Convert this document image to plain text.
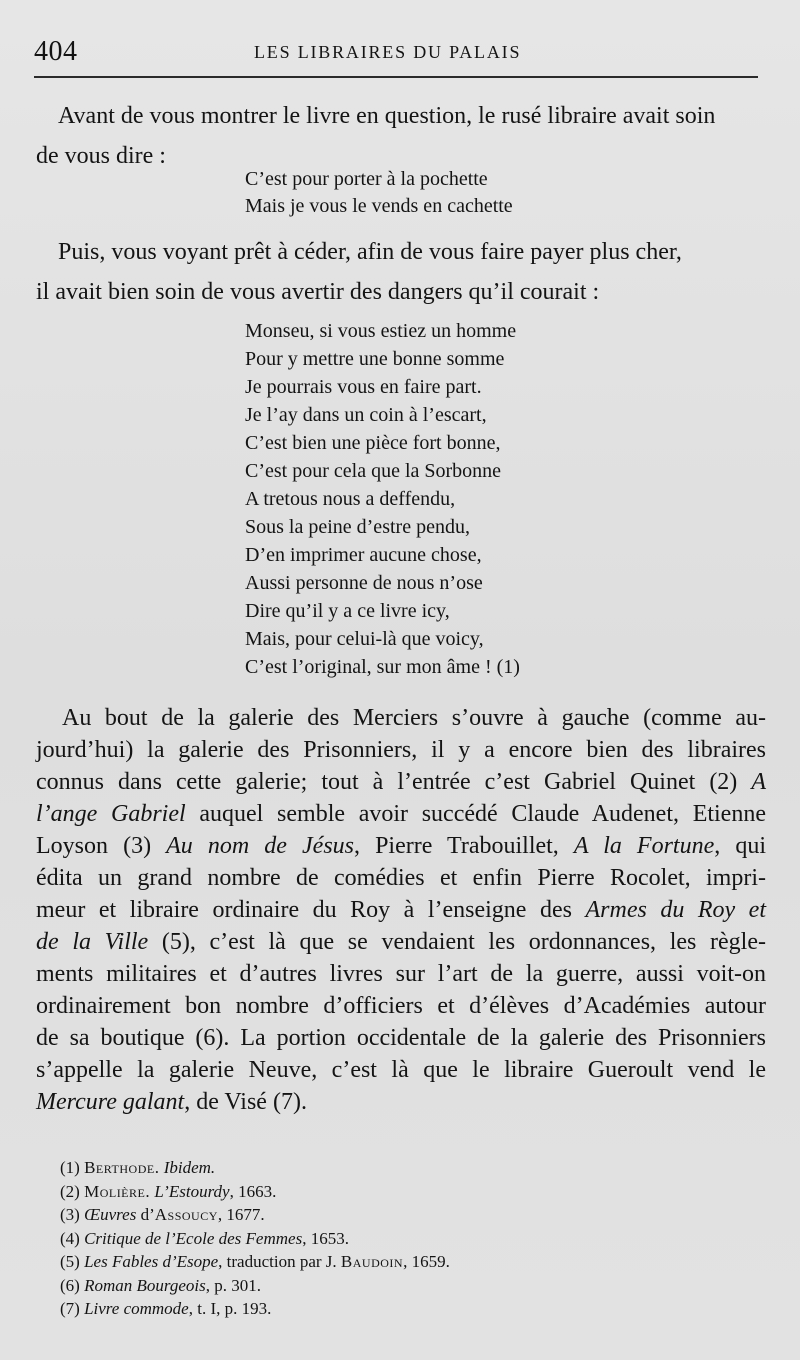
404	LES LIBRAIRES DU PALAIS
Avant de vous montrer le livre en question, le rusé libraire avait soin
de vous dire :
C’est pour porter à la pochette
Mais je vous le vends en cachette
Puis, vous voyant prêt à céder, afin de vous faire payer plus cher,
il avait bien soin de vous avertir des dangers qu’il courait :
Monseu, si vous estiez un homme
Pour y mettre une bonne somme
Je pourrais vous en faire part.
Je l’ay dans un coin à l’escart,
C’est bien une pièce fort bonne,
C’est pour cela que la Sorbonne
A tretous nous a deffendu,
Sous la peine d’estre pendu,
D’en imprimer aucune chose,
Aussi personne de nous n’ose
Dire qu’il y a ce livre icy,
Mais, pour celui-là que voicy,
C’est l’original, sur mon âme ! (1)
Au bout de la galerie des Merciers s’ouvre à gauche (comme au-
jourd’hui) la galerie des Prisonniers, il y a encore bien des libraires
connus dans cette galerie; tout à l’entrée c’est Gabriel Quinet (2) A
l’ange Gabriel auquel semble avoir succédé Claude Audenet, Etienne
Loyson (3) Au nom de Jésus, Pierre Trabouillet, A la Fortune, qui
édita un grand nombre de comédies et enfin Pierre Rocolet, impri-
meur et libraire ordinaire du Roy à l’enseigne des Armes du Roy et
de la Ville (5), c’est là que se vendaient les ordonnances, les règle-
ments militaires et d’autres livres sur l’art de la guerre, aussi voit-on
ordinairement bon nombre d’officiers et d’élèves d’Académies autour
de sa boutique (6). La portion occidentale de la galerie des Prisonniers
s’appelle la galerie Neuve, c’est là que le libraire Gueroult vend le
Mercure galant, de Visé (7).
(1) Berthode. Ibidem.
(2) Molière. L’Estourdy, 1663.
(3) Œuvres d’Assoucy, 1677.
(4) Critique de l’Ecole des Femmes, 1653.
(5) Les Fables d’Esope, traduction par J. Baudoin, 1659.
(6) Roman Bourgeois, p. 301.
(7) Livre commode, t. I, p. 193.
